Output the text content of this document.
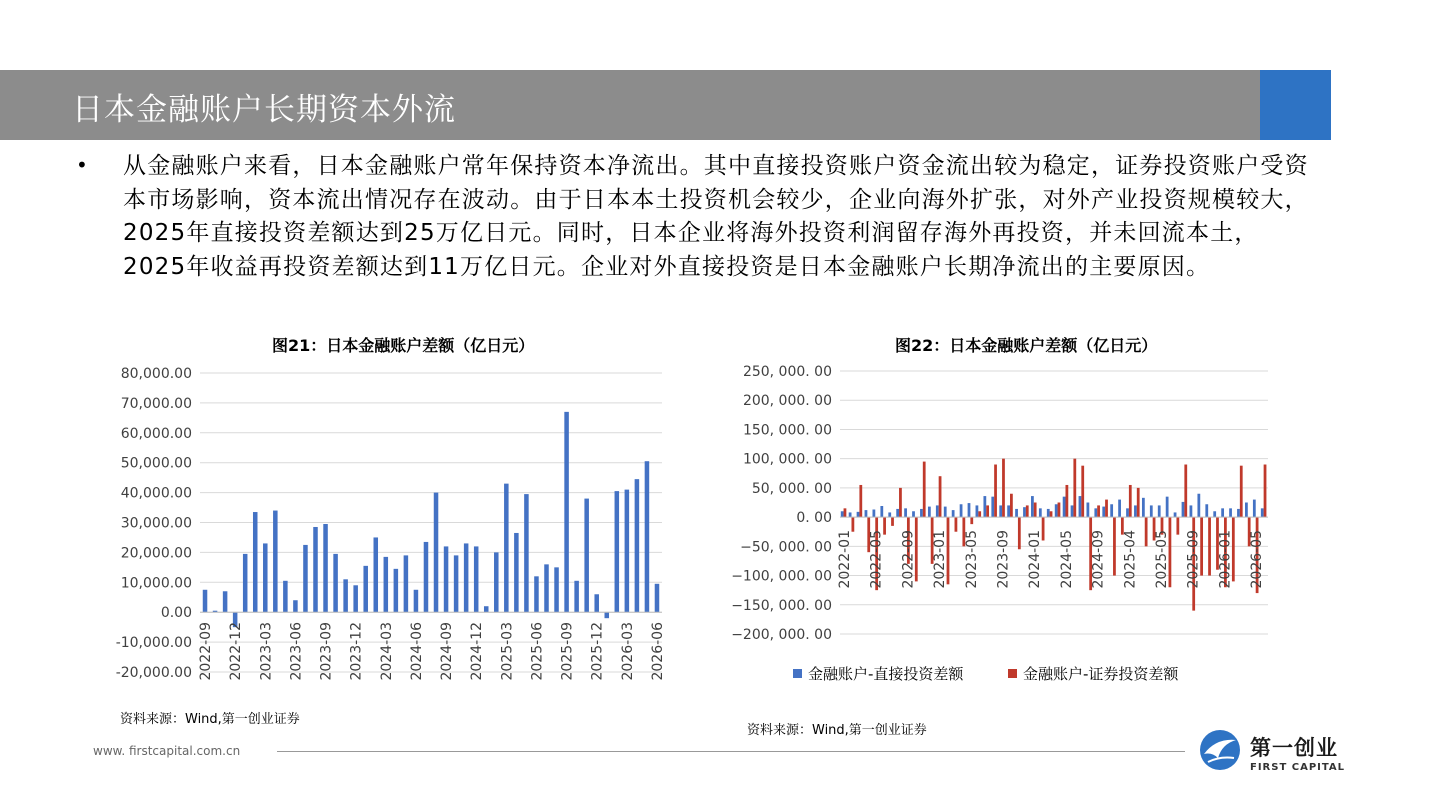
日本金融账户长期资本外流
• 从金融账户来看，日本金融账户常年保持资本净流出。其中直接投资账户资金流出较为稳定，证券投资账户受资本市场影响，资本流出情况存在波动。由于日本本土投资机会较少，企业向海外扩张，对外产业投资规模较大，2025年直接投资差额达到25万亿日元。同时，日本企业将海外投资利润留存海外再投资，并未回流本土，2025年收益再投资差额达到11万亿日元。企业对外直接投资是日本金融账户长期净流出的主要原因。
图21：日本金融账户差额（亿日元）
80,000.00
70,000.00
60,000.00
50,000.00
40,000.00
30,000.00
20,000.00
10,000.00
0.00
-10,000.00
-20,000.00 2022-09 2022-12 2023-03 2023-06 2023-09 2023-12 2024-03 2024-06 2024-09 2024-12 2025-03 2025-06 2025-09 2025-12 2026-03 2026-06
资料来源：Wind,第一创业证券
图22：日本金融账户差额（亿日元）
250, 000. 00
200, 000. 00
150, 000. 00
100, 000. 00
50, 000. 00
0. 00
−50, 000. 00
−100, 000. 00
−150, 000. 00
−200, 000. 00
2022-01 2022-05 2022-09 2023-01 2023-05 2023-09 2024-01 2024-05 2024-09 2025-04 2025-05 2025-09 2026-01 2026-05
金融账户-直接投资差额	金融账户-证券投资差额
资料来源：Wind,第一创业证券
www. firstcapital.com.cn	第一创业
FIRST CAPITAL
